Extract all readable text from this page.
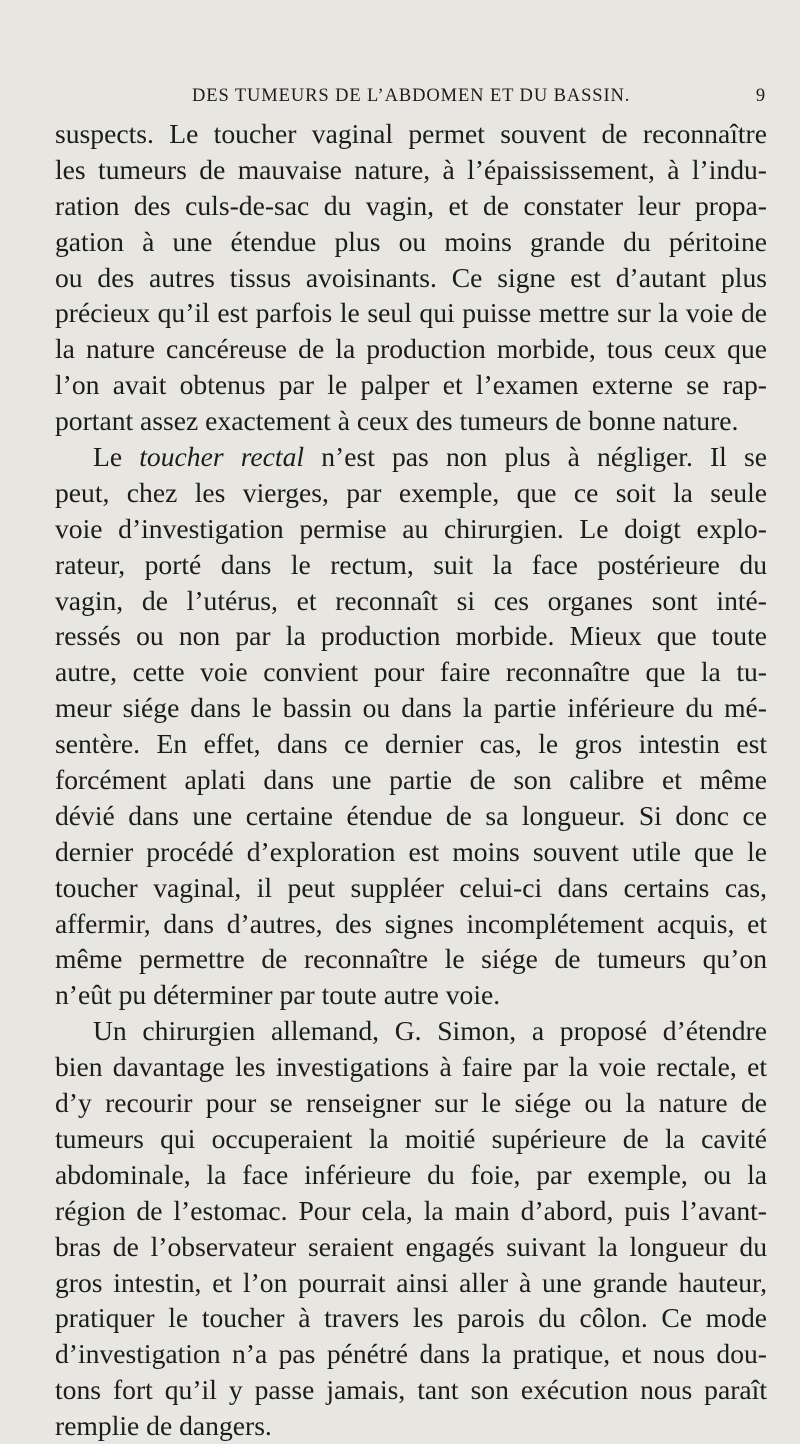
DES TUMEURS DE L’ABDOMEN ET DU BASSIN.	9
suspects. Le toucher vaginal permet souvent de reconnaître
les tumeurs de mauvaise nature, à l’épaississement, à l’indu-
ration des culs-de-sac du vagin, et de constater leur propa-
gation à une étendue plus ou moins grande du péritoine
ou des autres tissus avoisinants. Ce signe est d’autant plus
précieux qu’il est parfois le seul qui puisse mettre sur la voie de
la nature cancéreuse de la production morbide, tous ceux que
l’on avait obtenus par le palper et l’examen externe se rap-
portant assez exactement à ceux des tumeurs de bonne nature.
Le toucher rectal n’est pas non plus à négliger. Il se
peut, chez les vierges, par exemple, que ce soit la seule
voie d’investigation permise au chirurgien. Le doigt explo-
rateur, porté dans le rectum, suit la face postérieure du
vagin, de l’utérus, et reconnaît si ces organes sont inté-
ressés ou non par la production morbide. Mieux que toute
autre, cette voie convient pour faire reconnaître que la tu-
meur siége dans le bassin ou dans la partie inférieure du mé-
sentère. En effet, dans ce dernier cas, le gros intestin est
forcément aplati dans une partie de son calibre et même
dévié dans une certaine étendue de sa longueur. Si donc ce
dernier procédé d’exploration est moins souvent utile que le
toucher vaginal, il peut suppléer celui-ci dans certains cas,
affermir, dans d’autres, des signes incomplétement acquis, et
même permettre de reconnaître le siége de tumeurs qu’on
n’eût pu déterminer par toute autre voie.
Un chirurgien allemand, G. Simon, a proposé d’étendre
bien davantage les investigations à faire par la voie rectale, et
d’y recourir pour se renseigner sur le siége ou la nature de
tumeurs qui occuperaient la moitié supérieure de la cavité
abdominale, la face inférieure du foie, par exemple, ou la
région de l’estomac. Pour cela, la main d’abord, puis l’avant-
bras de l’observateur seraient engagés suivant la longueur du
gros intestin, et l’on pourrait ainsi aller à une grande hauteur,
pratiquer le toucher à travers les parois du côlon. Ce mode
d’investigation n’a pas pénétré dans la pratique, et nous dou-
tons fort qu’il y passe jamais, tant son exécution nous paraît
remplie de dangers.
